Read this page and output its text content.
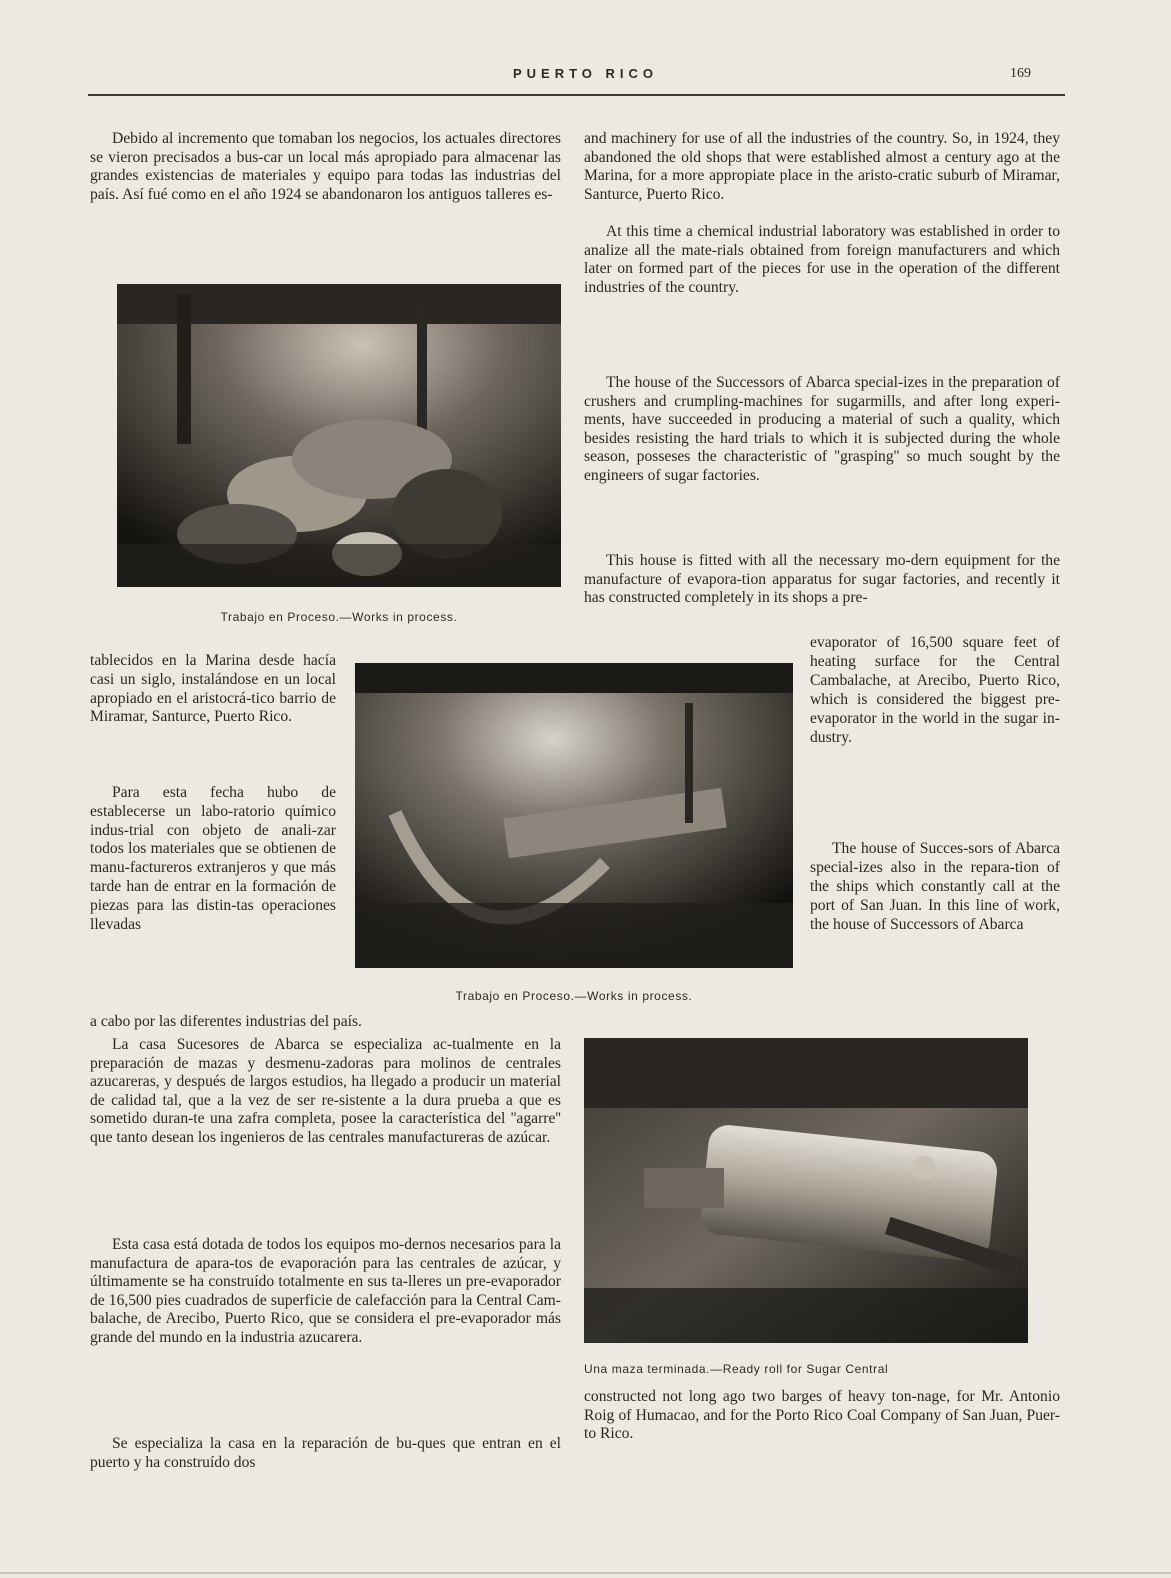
PUERTO RICO	169

Debido al incremento que tomaban los negocios, los actuales directores se vieron precisados a bus-car un local más apropiado para almacenar las grandes existencias de materiales y equipo para todas las industrias del país. Así fué como en el año 1924 se abandonaron los antiguos talleres es-

Trabajo en Proceso.—Works in process.

tablecidos en la Marina desde hacía casi un siglo, instalándose en un local apropiado en el aristocrá-tico barrio de Miramar, Santurce, Puerto Rico.

Para esta fecha hubo de establecerse un labo-ratorio químico indus-trial con objeto de anali-zar todos los materiales que se obtienen de manu-factureros extranjeros y que más tarde han de entrar en la formación de piezas para las distin-tas operaciones llevadas

a cabo por las diferentes industrias del país.

Trabajo en Proceso.—Works in process.

La casa Sucesores de Abarca se especializa ac-tualmente en la preparación de mazas y desmenu-zadoras para molinos de centrales azucareras, y después de largos estudios, ha llegado a producir un material de calidad tal, que a la vez de ser re-sistente a la dura prueba a que es sometido duran-te una zafra completa, posee la característica del ''agarre'' que tanto desean los ingenieros de las centrales manufactureras de azúcar.

Esta casa está dotada de todos los equipos mo-dernos necesarios para la manufactura de apara-tos de evaporación para las centrales de azúcar, y últimamente se ha construído totalmente en sus ta-lleres un pre-evaporador de 16,500 pies cuadrados de superficie de calefacción para la Central Cam-balache, de Arecibo, Puerto Rico, que se considera el pre-evaporador más grande del mundo en la industria azucarera.

Se especializa la casa en la reparación de bu-ques que entran en el puerto y ha construído dos

and machinery for use of all the industries of the country. So, in 1924, they abandoned the old shops that were established almost a century ago at the Marina, for a more appropiate place in the aristo-cratic suburb of Miramar, Santurce, Puerto Rico.

At this time a chemical industrial laboratory was established in order to analize all the mate-rials obtained from foreign manufacturers and which later on formed part of the pieces for use in the operation of the different industries of the country.

The house of the Successors of Abarca special-izes in the preparation of crushers and crumpling-machines for sugarmills, and after long experi-ments, have succeeded in producing a material of such a quality, which besides resisting the hard trials to which it is subjected during the whole season, posseses the characteristic of ''grasping'' so much sought by the engineers of sugar factories.

This house is fitted with all the necessary mo-dern equipment for the manufacture of evapora-tion apparatus for sugar factories, and recently it has constructed completely in its shops a pre-

evaporator of 16,500 square feet of heating surface for the Central Cambalache, at Arecibo, Puerto Rico, which is considered the biggest pre-evaporator in the world in the sugar in-dustry.

The house of Succes-sors of Abarca special-izes also in the repara-tion of the ships which constantly call at the port of San Juan. In this line of work, the house of Successors of Abarca

Una maza terminada.—Ready roll for Sugar Central

constructed not long ago two barges of heavy ton-nage, for Mr. Antonio Roig of Humacao, and for the Porto Rico Coal Company of San Juan, Puer-to Rico.
